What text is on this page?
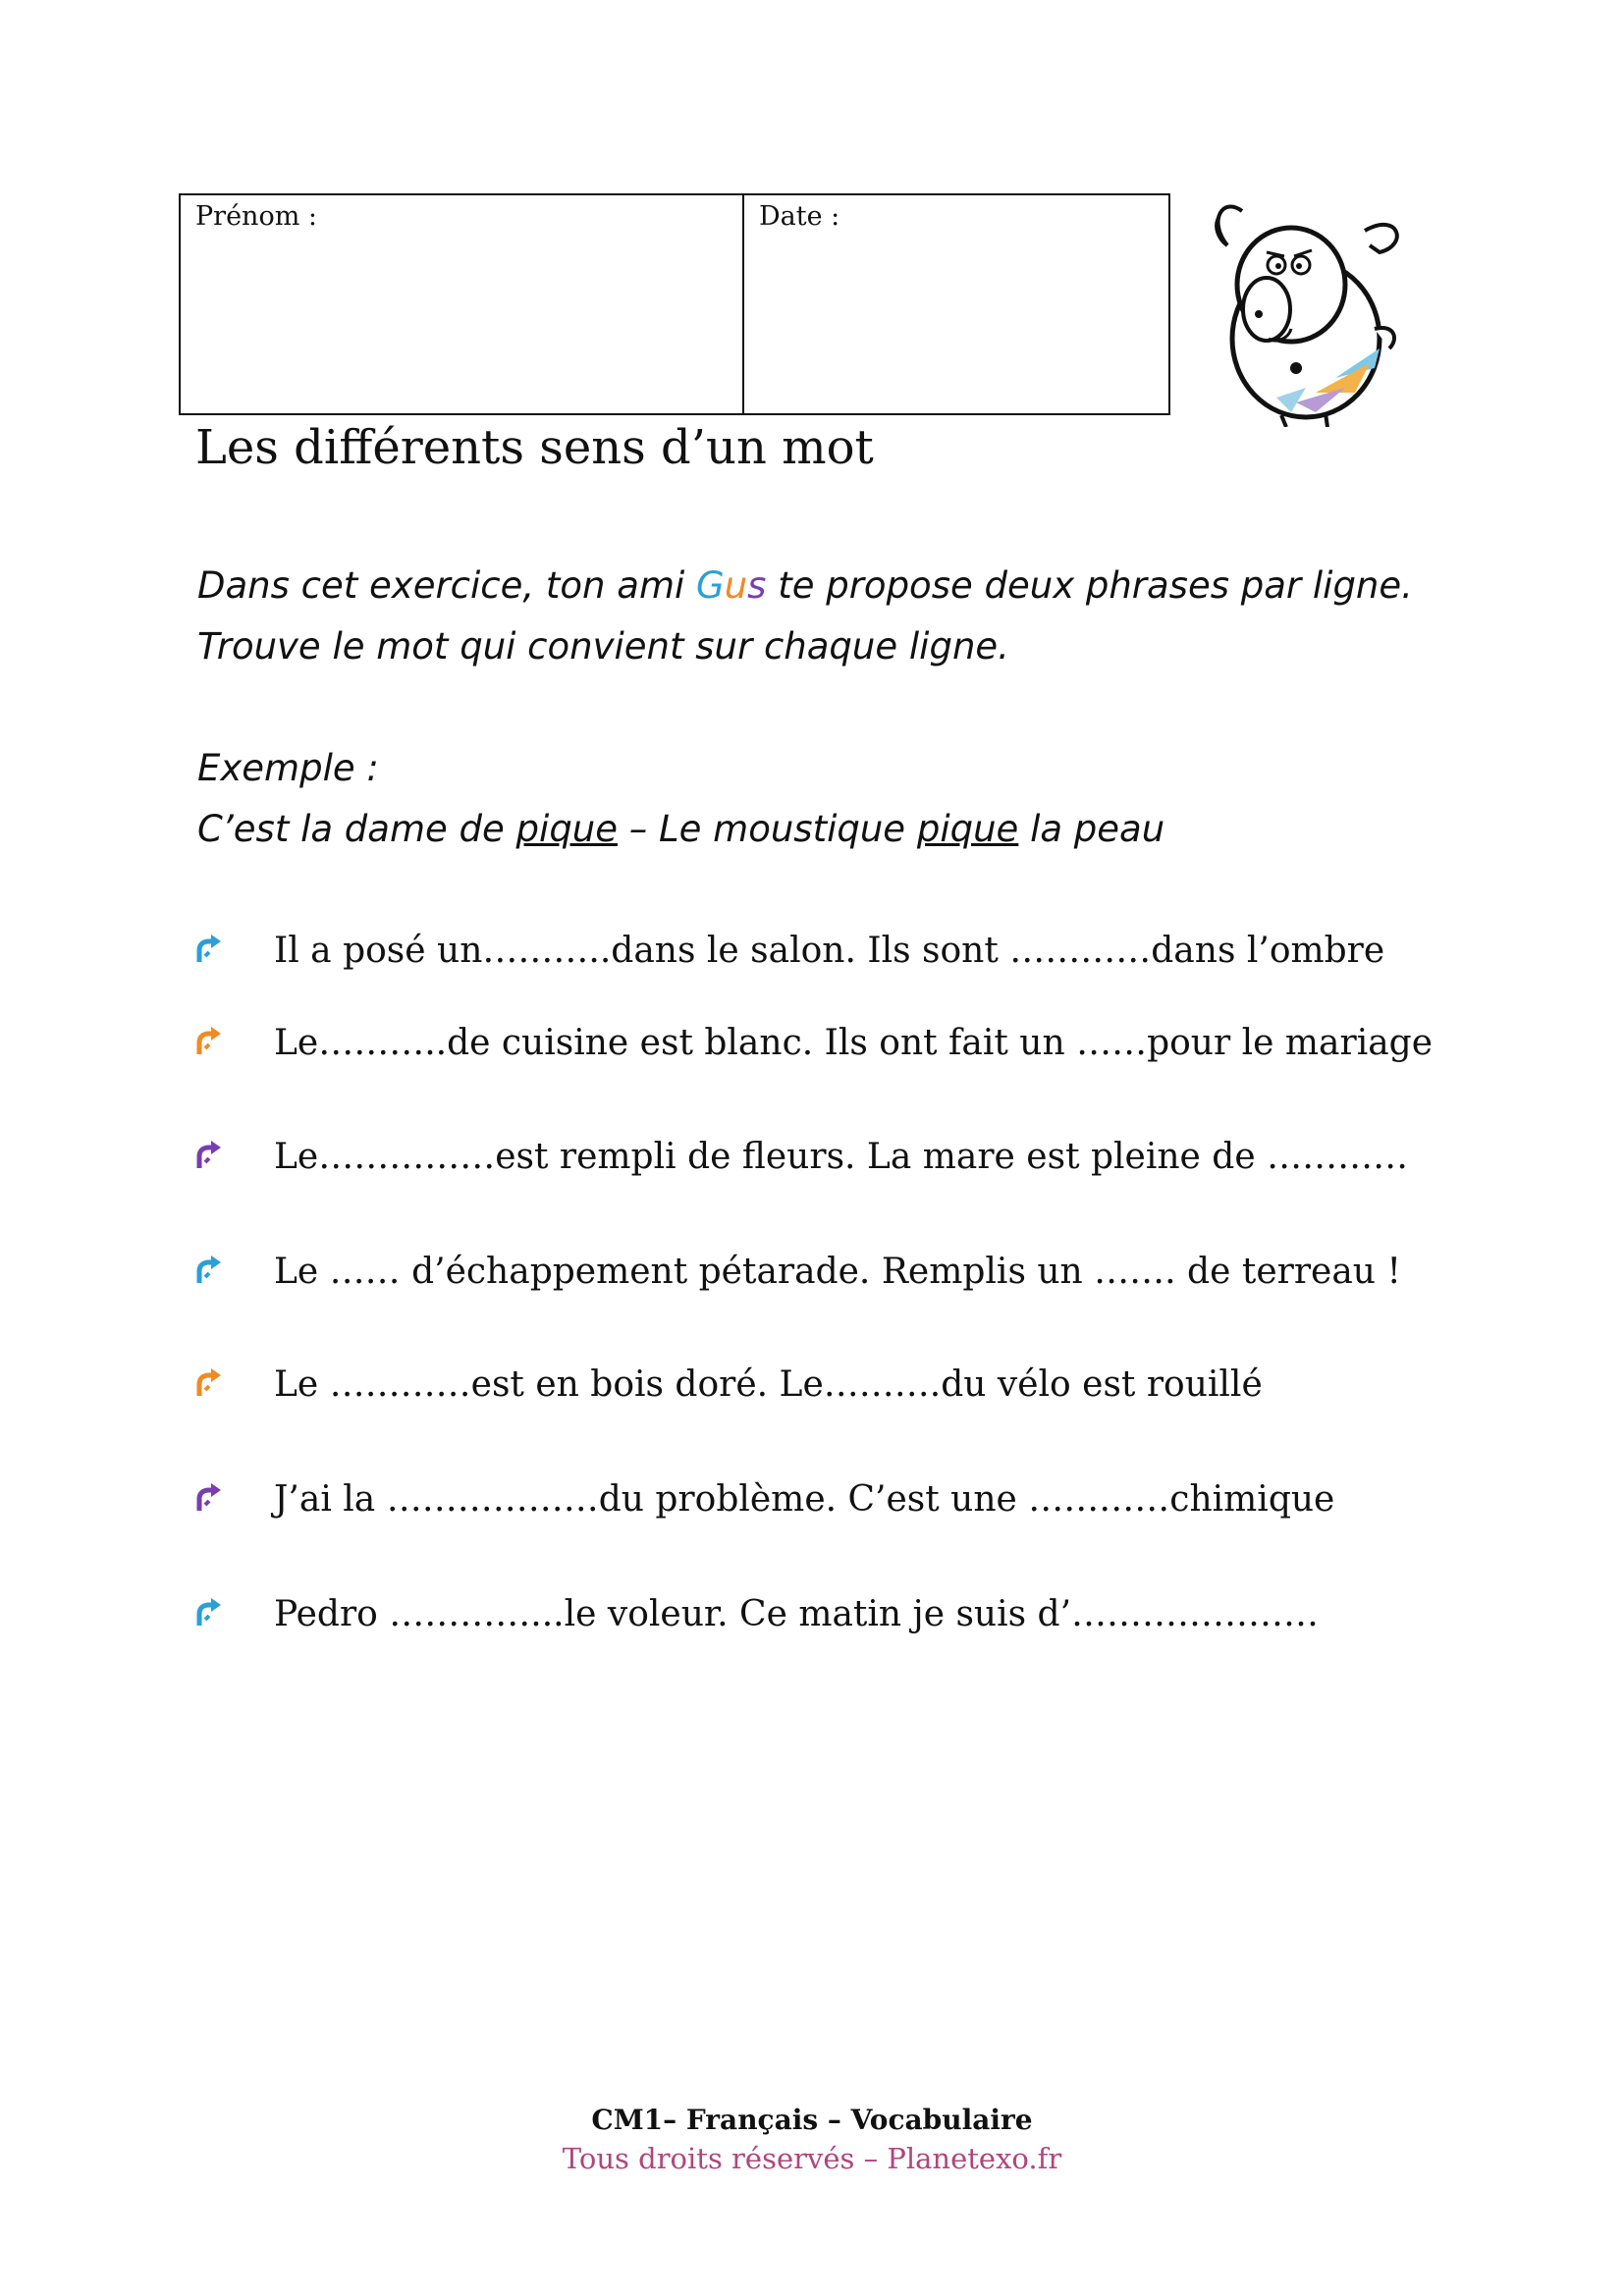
Prénom :	Date :
Les différents sens d’un mot
Dans cet exercice, ton ami Gus te propose deux phrases par ligne. Trouve le mot qui convient sur chaque ligne.
Exemple :
C’est la dame de pique – Le moustique pique la peau
Il a posé un………..dans le salon. Ils sont …………dans l’ombre
Le………..de cuisine est blanc. Ils ont fait un ……pour le mariage
Le……………est rempli de fleurs. La mare est pleine de …………
Le …… d’échappement pétarade. Remplis un ……. de terreau !
Le …………est en bois doré. Le……….du vélo est rouillé
J’ai la ………………du problème. C’est une …………chimique
Pedro …………...le voleur. Ce matin je suis d’…………………
CM1– Français – Vocabulaire
Tous droits réservés – Planetexo.fr
